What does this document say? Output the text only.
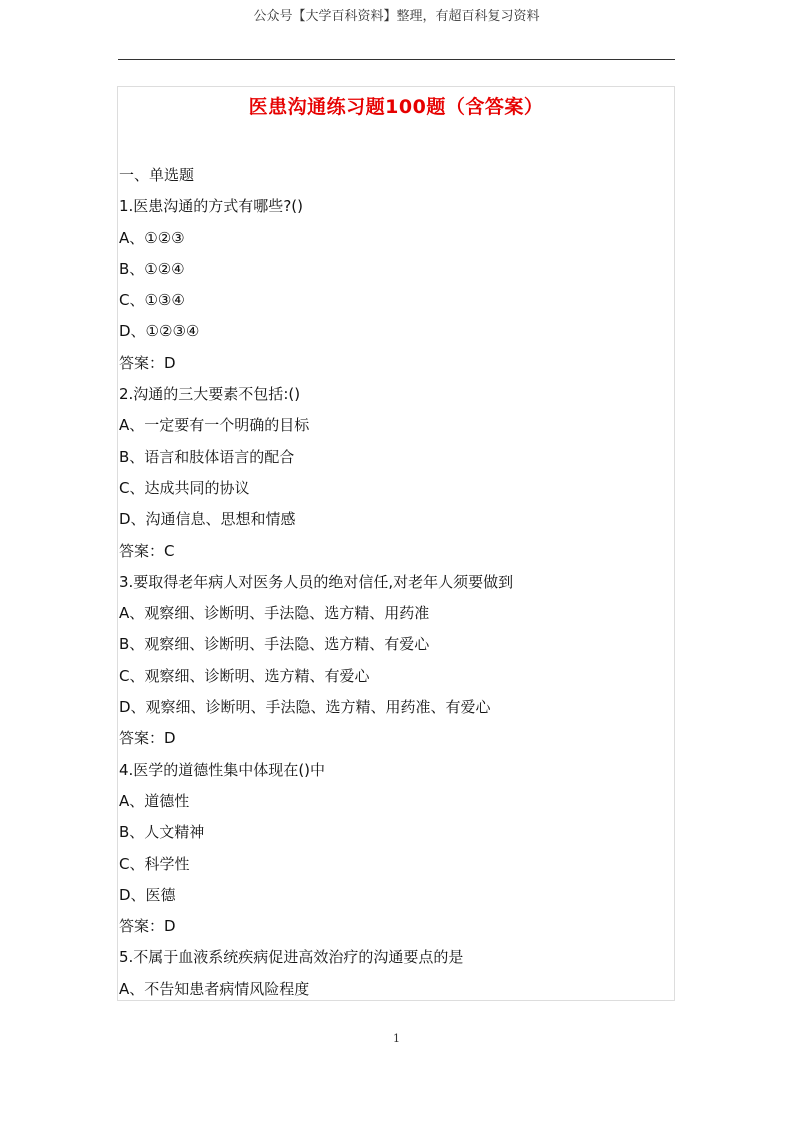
公众号【大学百科资料】整理，有超百科复习资料
医患沟通练习题100题（含答案）
一、单选题
1.医患沟通的方式有哪些?()
A、①②③
B、①②④
C、①③④
D、①②③④
答案：D
2.沟通的三大要素不包括:()
A、一定要有一个明确的目标
B、语言和肢体语言的配合
C、达成共同的协议
D、沟通信息、思想和情感
答案：C
3.要取得老年病人对医务人员的绝对信任,对老年人须要做到
A、观察细、诊断明、手法隐、选方精、用药准
B、观察细、诊断明、手法隐、选方精、有爱心
C、观察细、诊断明、选方精、有爱心
D、观察细、诊断明、手法隐、选方精、用药准、有爱心
答案：D
4.医学的道德性集中体现在()中
A、道德性
B、人文精神
C、科学性
D、医德
答案：D
5.不属于血液系统疾病促进高效治疗的沟通要点的是
A、不告知患者病情风险程度
1
